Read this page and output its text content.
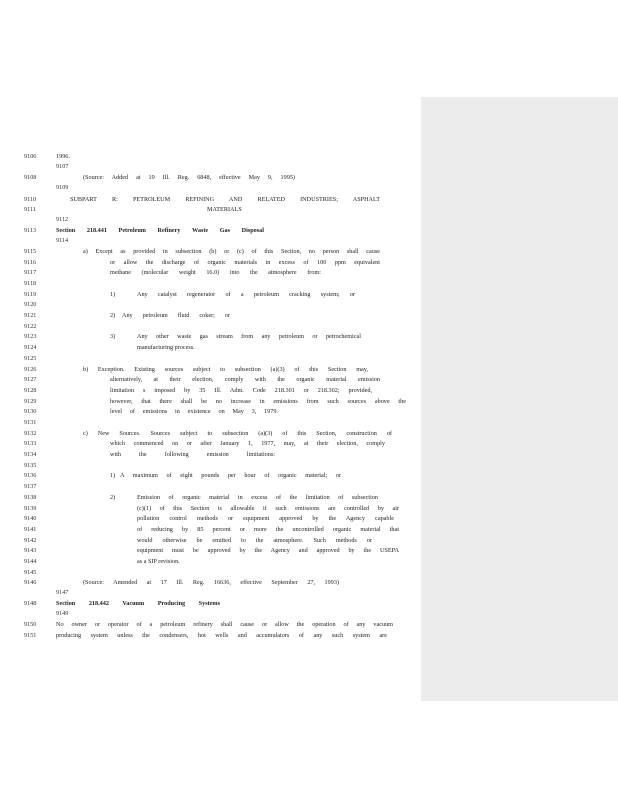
9106
9107
9108
9109
9110
9111
9112
9113
9114
9115
9116
9117
9118
9119
9120
9121
9122
9123
9124
9125
9126
9127
9128
9129
9130
9131
9132
9133
9134
9135
9136
9137
9138
9139
9140
9141
9142
9143
9144
9145
9146
9147
9148
9149
9150
9151
1996.
(Source: Added at 19 Ill. Reg. 6848, effective May 9, 1995)
SUBPART R: PETROLEUM REFINING AND RELATED INDUSTRIES; ASPHALT
MATERIALS
Section 218.441 Petroleum Refinery Waste Gas Disposal
a) Except as provided in subsection (b) or (c) of this Section, no person shall cause
or allow the discharge of organic materials in excess of 100 ppm equivalent
methane (molecular weight 16.0) into the atmosphere from:
1)	Any catalyst regenerator of a petroleum cracking system; or
2) Any petroleum fluid coker; or
3)	Any other waste gas stream from any petroleum or petrochemical
manufacturing process.
b) Exception. Existing sources subject to subsection (a)(3) of this Section may,
alternatively, at their election, comply with the organic material emission
limitation s imposed by 35 Ill. Adm. Code 218.301 or 218.302; provided,
however, that there shall be no increase in emissions from such sources above the
level of emissions in existence on May 3, 1979.
c) New Sources. Sources subject to subsection (a)(3) of this Section, construction of
which commenced on or after January 1, 1977, may, at their election, comply
with the following emission limitations:
1) A maximum of eight pounds per hour of organic material; or
2)	Emission of organic material in excess of the limitation of subsection
(c)(1) of this Section is allowable if such emissions are controlled by air
pollution control methods or equipment approved by the Agency capable
of reducing by 85 percent or more the uncontrolled organic material that
would otherwise be emitted to the atmosphere. Such methods or
equipment must be approved by the Agency and approved by the USEPA
as a SIP revision.
(Source: Amended at 17 Ill. Reg. 16636, effective September 27, 1993)
Section 218.442 Vacuum Producing Systems
No owner or operator of a petroleum refinery shall cause or allow the operation of any vacuum
producing system unless the condensers, hot wells and accumulators of any such system are
